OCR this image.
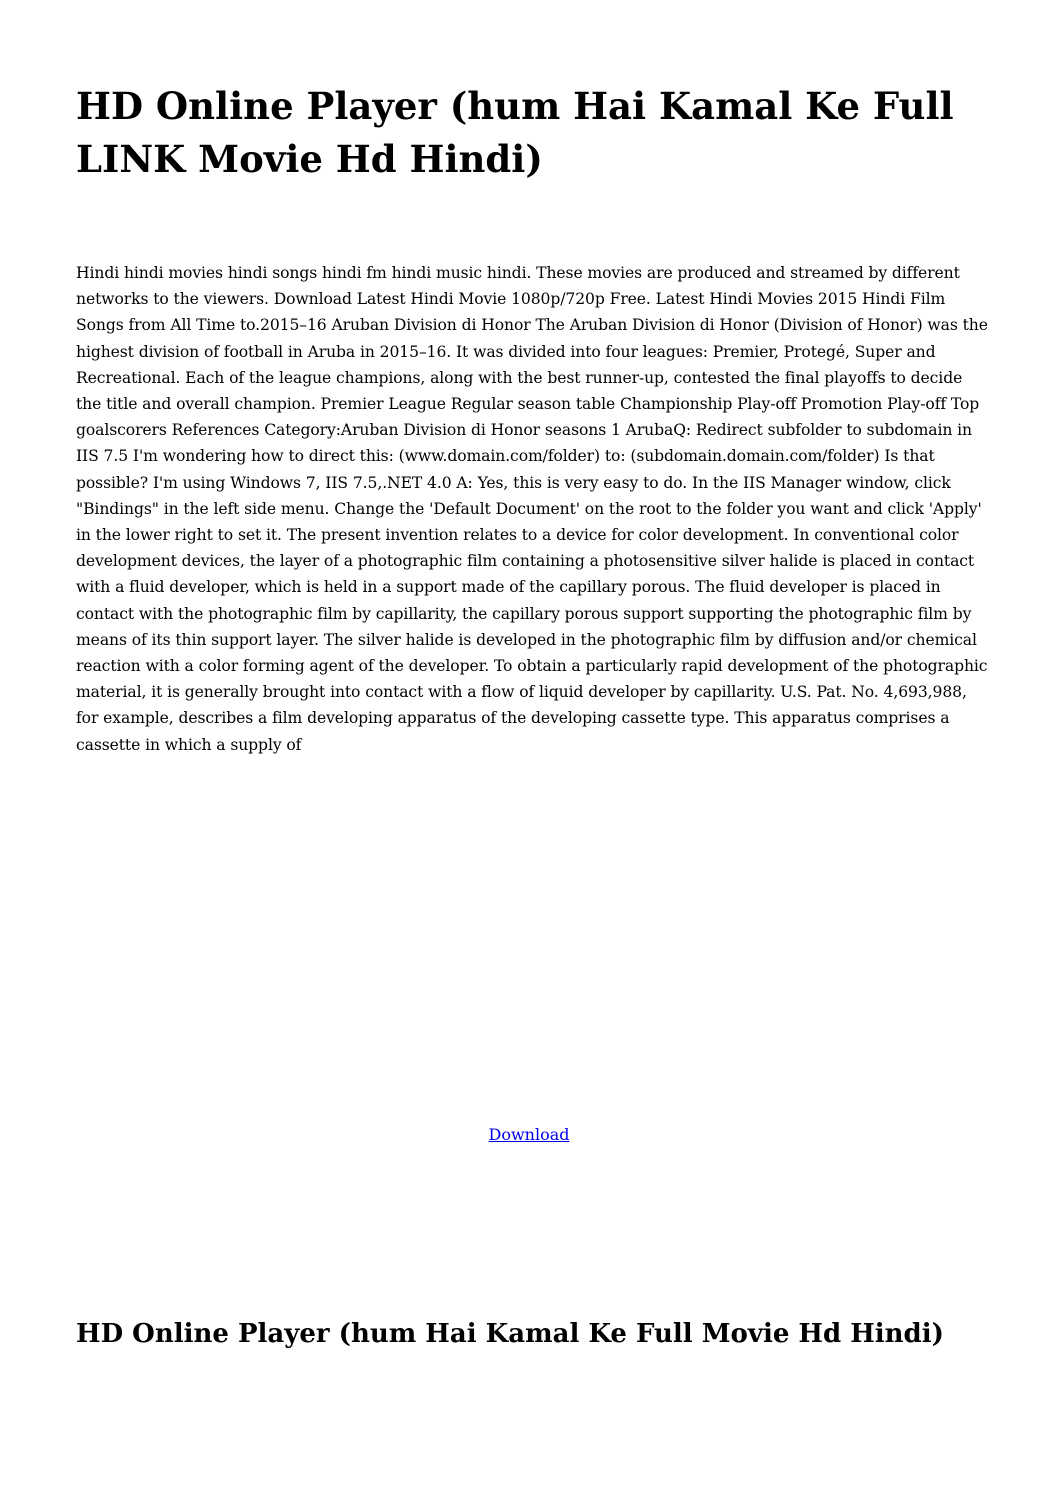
HD Online Player (hum Hai Kamal Ke Full LINK Movie Hd Hindi)

Hindi hindi movies hindi songs hindi fm hindi music hindi. These movies are produced and streamed by different networks to the viewers. Download Latest Hindi Movie 1080p/720p Free. Latest Hindi Movies 2015 Hindi Film Songs from All Time to.2015–16 Aruban Division di Honor The Aruban Division di Honor (Division of Honor) was the highest division of football in Aruba in 2015–16. It was divided into four leagues: Premier, Protegé, Super and Recreational. Each of the league champions, along with the best runner-up, contested the final playoffs to decide the title and overall champion. Premier League Regular season table Championship Play-off Promotion Play-off Top goalscorers References Category:Aruban Division di Honor seasons 1 ArubaQ: Redirect subfolder to subdomain in IIS 7.5 I'm wondering how to direct this: (www.domain.com/folder) to: (subdomain.domain.com/folder) Is that possible? I'm using Windows 7, IIS 7.5,.NET 4.0 A: Yes, this is very easy to do. In the IIS Manager window, click "Bindings" in the left side menu. Change the 'Default Document' on the root to the folder you want and click 'Apply' in the lower right to set it. The present invention relates to a device for color development. In conventional color development devices, the layer of a photographic film containing a photosensitive silver halide is placed in contact with a fluid developer, which is held in a support made of the capillary porous. The fluid developer is placed in contact with the photographic film by capillarity, the capillary porous support supporting the photographic film by means of its thin support layer. The silver halide is developed in the photographic film by diffusion and/or chemical reaction with a color forming agent of the developer. To obtain a particularly rapid development of the photographic material, it is generally brought into contact with a flow of liquid developer by capillarity. U.S. Pat. No. 4,693,988, for example, describes a film developing apparatus of the developing cassette type. This apparatus comprises a cassette in which a supply of

Download
HD Online Player (hum Hai Kamal Ke Full Movie Hd Hindi)
